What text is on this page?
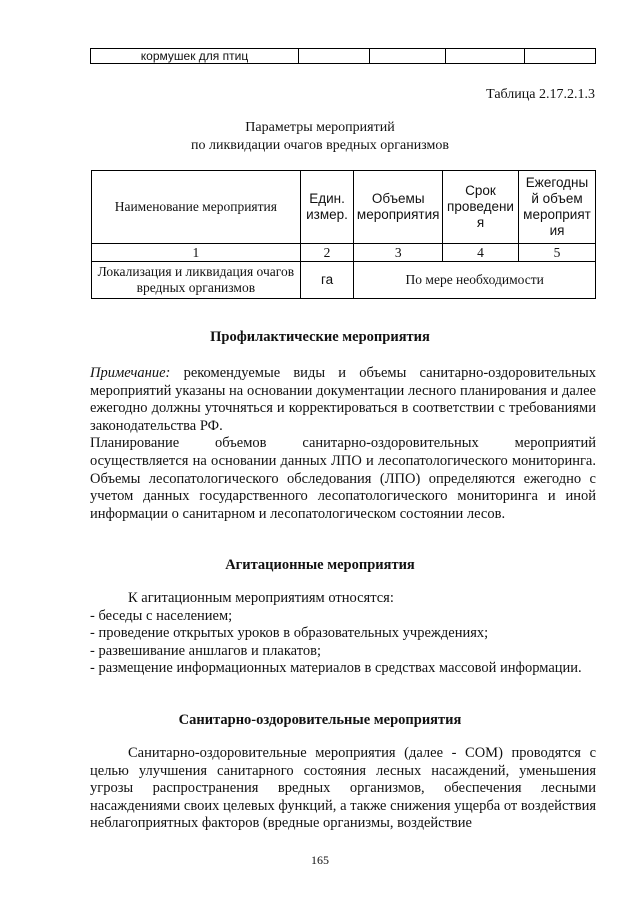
кормушек для птиц				
Таблица 2.17.2.1.3
Параметры мероприятий
по ликвидации очагов вредных организмов
Наименование мероприятия	Един. измер.	Объемы мероприятия	Срок проведени я	Ежегодны й объем мероприят ия
1	2	3	4	5
Локализация и ликвидация очагов вредных организмов	га	По мере необходимости		
Профилактические мероприятия

Примечание: рекомендуемые виды и объемы санитарно-оздоровительных мероприятий указаны на основании документации лесного планирования и далее ежегодно должны уточняться и корректироваться в соответствии с требованиями законодательства РФ.

Планирование объемов санитарно-оздоровительных мероприятий осуществляется на основании данных ЛПО и лесопатологического мониторинга. Объемы лесопатологического обследования (ЛПО) определяются ежегодно с учетом данных государственного лесопатологического мониторинга и иной информации о санитарном и лесопатологическом состоянии лесов.

Агитационные мероприятия

К агитационным мероприятиям относятся:

- беседы с населением;

- проведение открытых уроков в образовательных учреждениях;

- развешивание аншлагов и плакатов;

- размещение информационных материалов в средствах массовой информации.

Санитарно-оздоровительные мероприятия
Санитарно-оздоровительные мероприятия (далее - СОМ) проводятся с целью улучшения санитарного состояния лесных насаждений, уменьшения угрозы распространения вредных организмов, обеспечения лесными насаждениями своих целевых функций, а также снижения ущерба от воздействия неблагоприятных факторов (вредные организмы, воздействие
165
